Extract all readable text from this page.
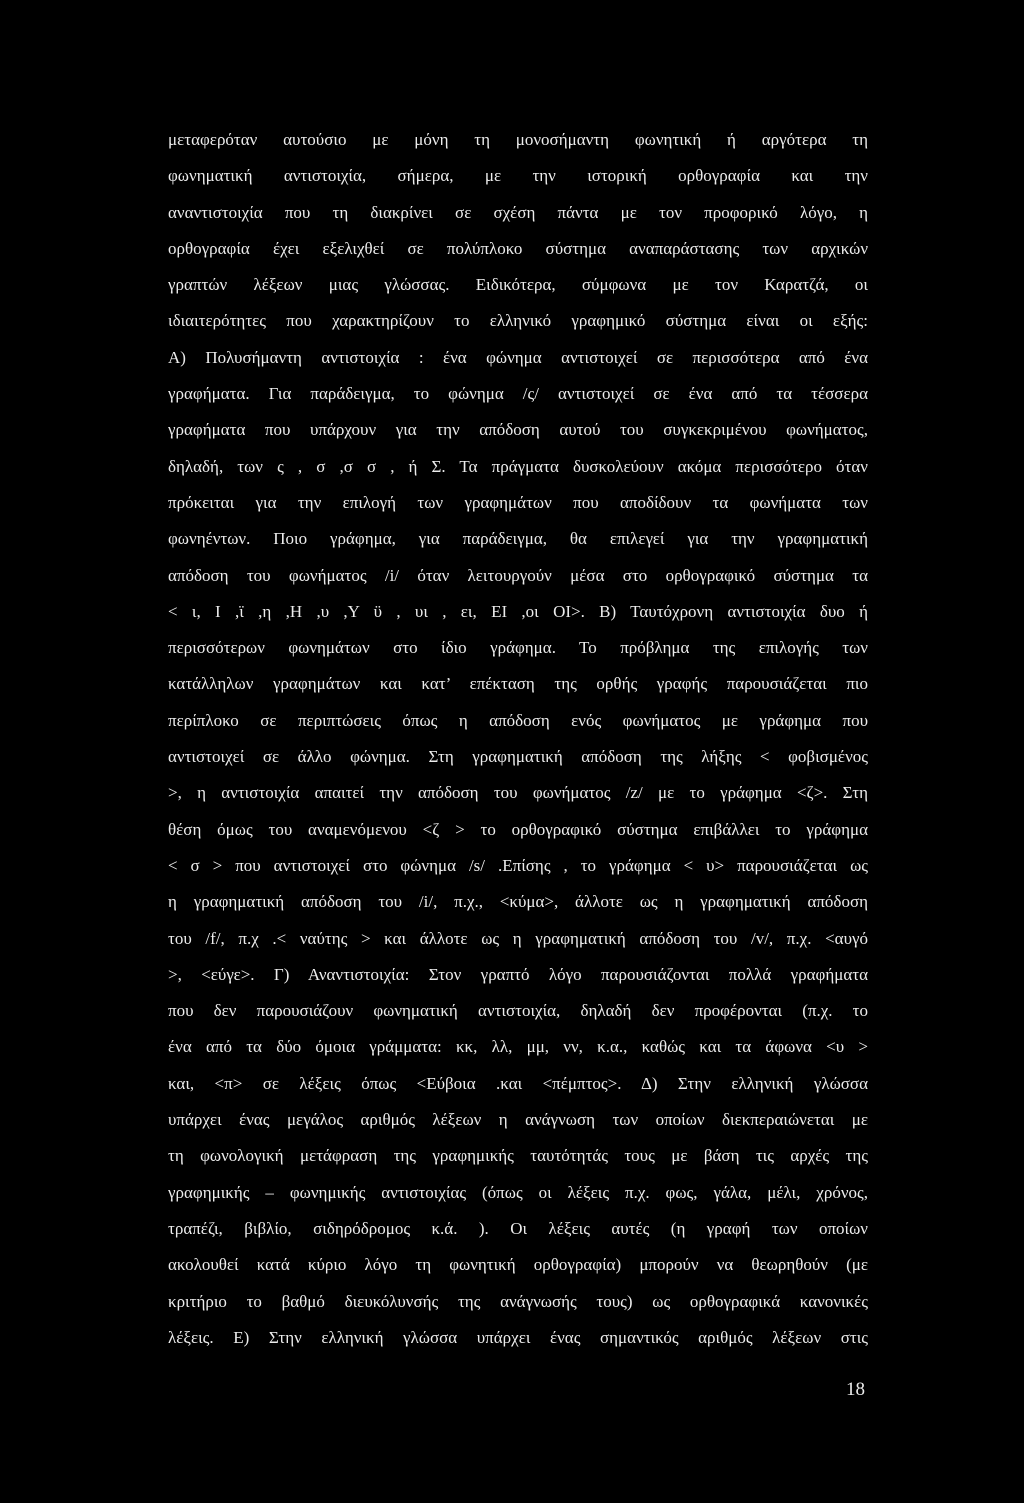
μεταφερόταν αυτούσιο με μόνη τη μονοσήμαντη φωνητική ή αργότερα τη
φωνηματική αντιστοιχία, σήμερα, με την ιστορική ορθογραφία και την
αναντιστοιχία που τη διακρίνει σε σχέση πάντα με τον προφορικό λόγο, η
ορθογραφία έχει εξελιχθεί σε πολύπλοκο σύστημα αναπαράστασης των αρχικών
γραπτών λέξεων μιας γλώσσας. Ειδικότερα, σύμφωνα με τον Καρατζά, οι
ιδιαιτερότητες που χαρακτηρίζουν το ελληνικό γραφημικό σύστημα είναι οι εξής:
Α) Πολυσήμαντη αντιστοιχία : ένα φώνημα αντιστοιχεί σε περισσότερα από ένα
γραφήματα. Για παράδειγμα, το φώνημα /ς/ αντιστοιχεί σε ένα από τα τέσσερα
γραφήματα που υπάρχουν για την απόδοση αυτού του συγκεκριμένου φωνήματος,
δηλαδή, των ς , σ ,σ σ , ή Σ. Τα πράγματα δυσκολεύουν ακόμα περισσότερο όταν
πρόκειται για την επιλογή των γραφημάτων που αποδίδουν τα φωνήματα των
φωνηέντων. Ποιο γράφημα, για παράδειγμα, θα επιλεγεί για την γραφηματική
απόδοση του φωνήματος /i/ όταν λειτουργούν μέσα στο ορθογραφικό σύστημα τα
< ι, Ι ,ϊ ,η ,Η ,υ ,Υ ϋ , υι , ει, ΕΙ ,οι ΟΙ>. Β) Ταυτόχρονη αντιστοιχία δυο ή
περισσότερων φωνημάτων στο ίδιο γράφημα. Το πρόβλημα της επιλογής των
κατάλληλων γραφημάτων και κατ’ επέκταση της ορθής γραφής παρουσιάζεται πιο
περίπλοκο σε περιπτώσεις όπως η απόδοση ενός φωνήματος με γράφημα που
αντιστοιχεί σε άλλο φώνημα. Στη γραφηματική απόδοση της λήξης < φοβισμένος
>, η αντιστοιχία απαιτεί την απόδοση του φωνήματος /z/ με το γράφημα <ζ>. Στη
θέση όμως του αναμενόμενου <ζ > το ορθογραφικό σύστημα επιβάλλει το γράφημα
< σ > που αντιστοιχεί στο φώνημα /s/ .Επίσης , το γράφημα < υ> παρουσιάζεται ως
η γραφηματική απόδοση του /i/, π.χ., <κύμα>, άλλοτε ως η γραφηματική απόδοση
του /f/, π.χ .< ναύτης > και άλλοτε ως η γραφηματική απόδοση του /v/, π.χ. <αυγό
>, <εύγε>. Γ) Αναντιστοιχία: Στον γραπτό λόγο παρουσιάζονται πολλά γραφήματα
που δεν παρουσιάζουν φωνηματική αντιστοιχία, δηλαδή δεν προφέρονται (π.χ. το
ένα από τα δύο όμοια γράμματα: κκ, λλ, μμ, νν, κ.α., καθώς και τα άφωνα <υ >
και, <π> σε λέξεις όπως <Εύβοια .και <πέμπτος>. Δ) Στην ελληνική γλώσσα
υπάρχει ένας μεγάλος αριθμός λέξεων η ανάγνωση των οποίων διεκπεραιώνεται με
τη φωνολογική μετάφραση της γραφημικής ταυτότητάς τους με βάση τις αρχές της
γραφημικής – φωνημικής αντιστοιχίας (όπως οι λέξεις π.χ. φως, γάλα, μέλι, χρόνος,
τραπέζι, βιβλίο, σιδηρόδρομος κ.ά. ). Οι λέξεις αυτές (η γραφή των οποίων
ακολουθεί κατά κύριο λόγο τη φωνητική ορθογραφία) μπορούν να θεωρηθούν (με
κριτήριο το βαθμό διευκόλυνσής της ανάγνωσής τους) ως ορθογραφικά κανονικές
λέξεις. Ε) Στην ελληνική γλώσσα υπάρχει ένας σημαντικός αριθμός λέξεων στις
18
